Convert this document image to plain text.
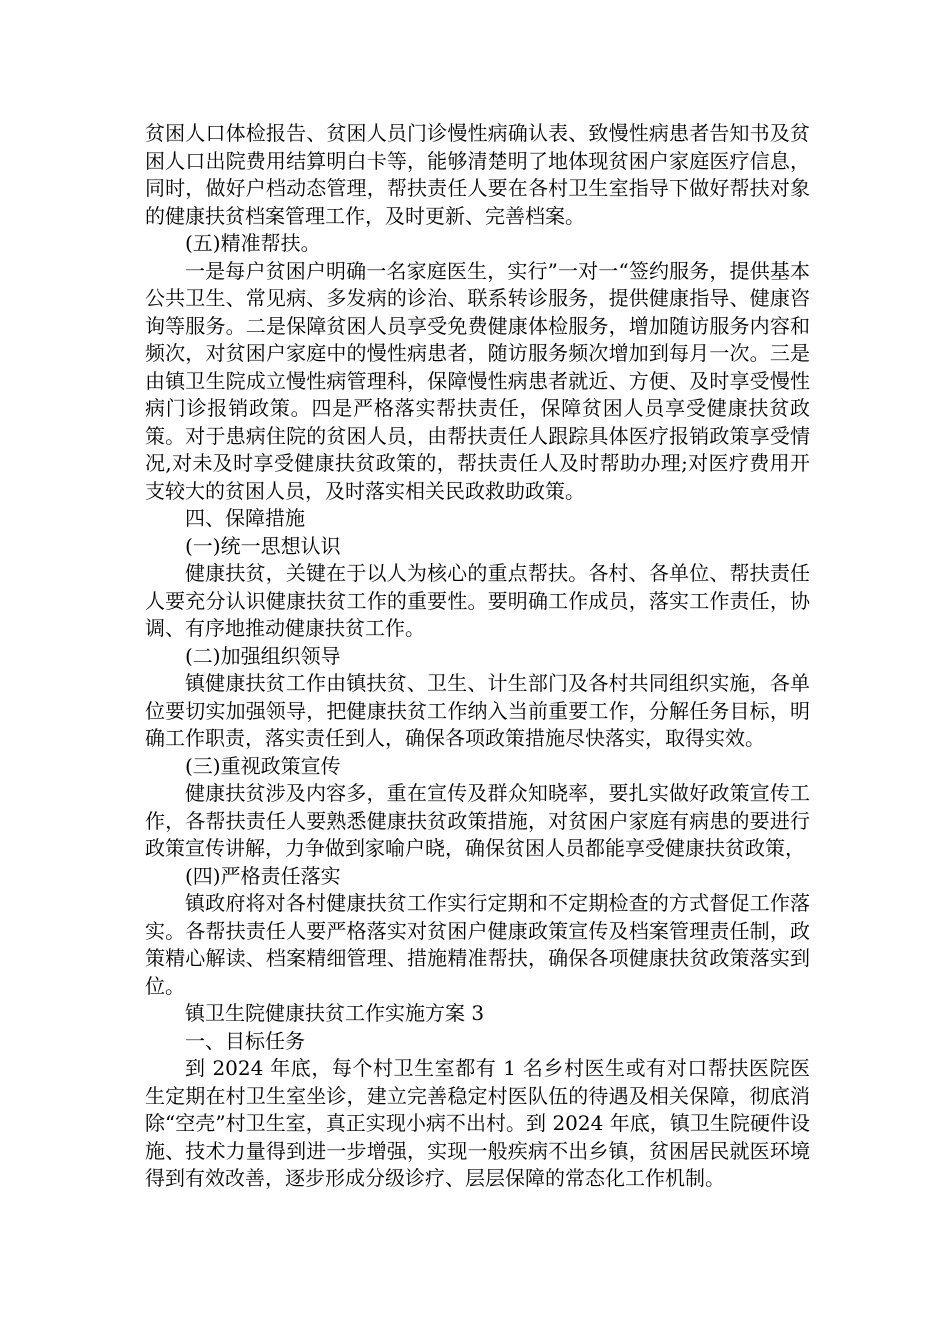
贫困人口体检报告、贫困人员门诊慢性病确认表、致慢性病患者告知书及贫困人口出院费用结算明白卡等，能够清楚明了地体现贫困户家庭医疗信息，同时，做好户档动态管理，帮扶责任人要在各村卫生室指导下做好帮扶对象的健康扶贫档案管理工作，及时更新、完善档案。

(五)精准帮扶。

一是每户贫困户明确一名家庭医生，实行”一对一“签约服务，提供基本公共卫生、常见病、多发病的诊治、联系转诊服务，提供健康指导、健康咨询等服务。二是保障贫困人员享受免费健康体检服务，增加随访服务内容和频次，对贫困户家庭中的慢性病患者，随访服务频次增加到每月一次。三是由镇卫生院成立慢性病管理科，保障慢性病患者就近、方便、及时享受慢性病门诊报销政策。四是严格落实帮扶责任，保障贫困人员享受健康扶贫政策。对于患病住院的贫困人员，由帮扶责任人跟踪具体医疗报销政策享受情况,对未及时享受健康扶贫政策的，帮扶责任人及时帮助办理;对医疗费用开支较大的贫困人员，及时落实相关民政救助政策。

四、保障措施

(一)统一思想认识

健康扶贫，关键在于以人为核心的重点帮扶。各村、各单位、帮扶责任人要充分认识健康扶贫工作的重要性。要明确工作成员，落实工作责任，协调、有序地推动健康扶贫工作。

(二)加强组织领导

镇健康扶贫工作由镇扶贫、卫生、计生部门及各村共同组织实施，各单位要切实加强领导，把健康扶贫工作纳入当前重要工作，分解任务目标，明确工作职责，落实责任到人，确保各项政策措施尽快落实，取得实效。

(三)重视政策宣传

健康扶贫涉及内容多，重在宣传及群众知晓率，要扎实做好政策宣传工作，各帮扶责任人要熟悉健康扶贫政策措施，对贫困户家庭有病患的要进行政策宣传讲解，力争做到家喻户晓，确保贫困人员都能享受健康扶贫政策，

(四)严格责任落实

镇政府将对各村健康扶贫工作实行定期和不定期检查的方式督促工作落实。各帮扶责任人要严格落实对贫困户健康政策宣传及档案管理责任制，政策精心解读、档案精细管理、措施精准帮扶，确保各项健康扶贫政策落实到位。

镇卫生院健康扶贫工作实施方案 3

一、目标任务

到 2024 年底，每个村卫生室都有 1 名乡村医生或有对口帮扶医院医生定期在村卫生室坐诊，建立完善稳定村医队伍的待遇及相关保障，彻底消除“空壳”村卫生室，真正实现小病不出村。到 2024 年底，镇卫生院硬件设施、技术力量得到进一步增强，实现一般疾病不出乡镇，贫困居民就医环境得到有效改善，逐步形成分级诊疗、层层保障的常态化工作机制。
